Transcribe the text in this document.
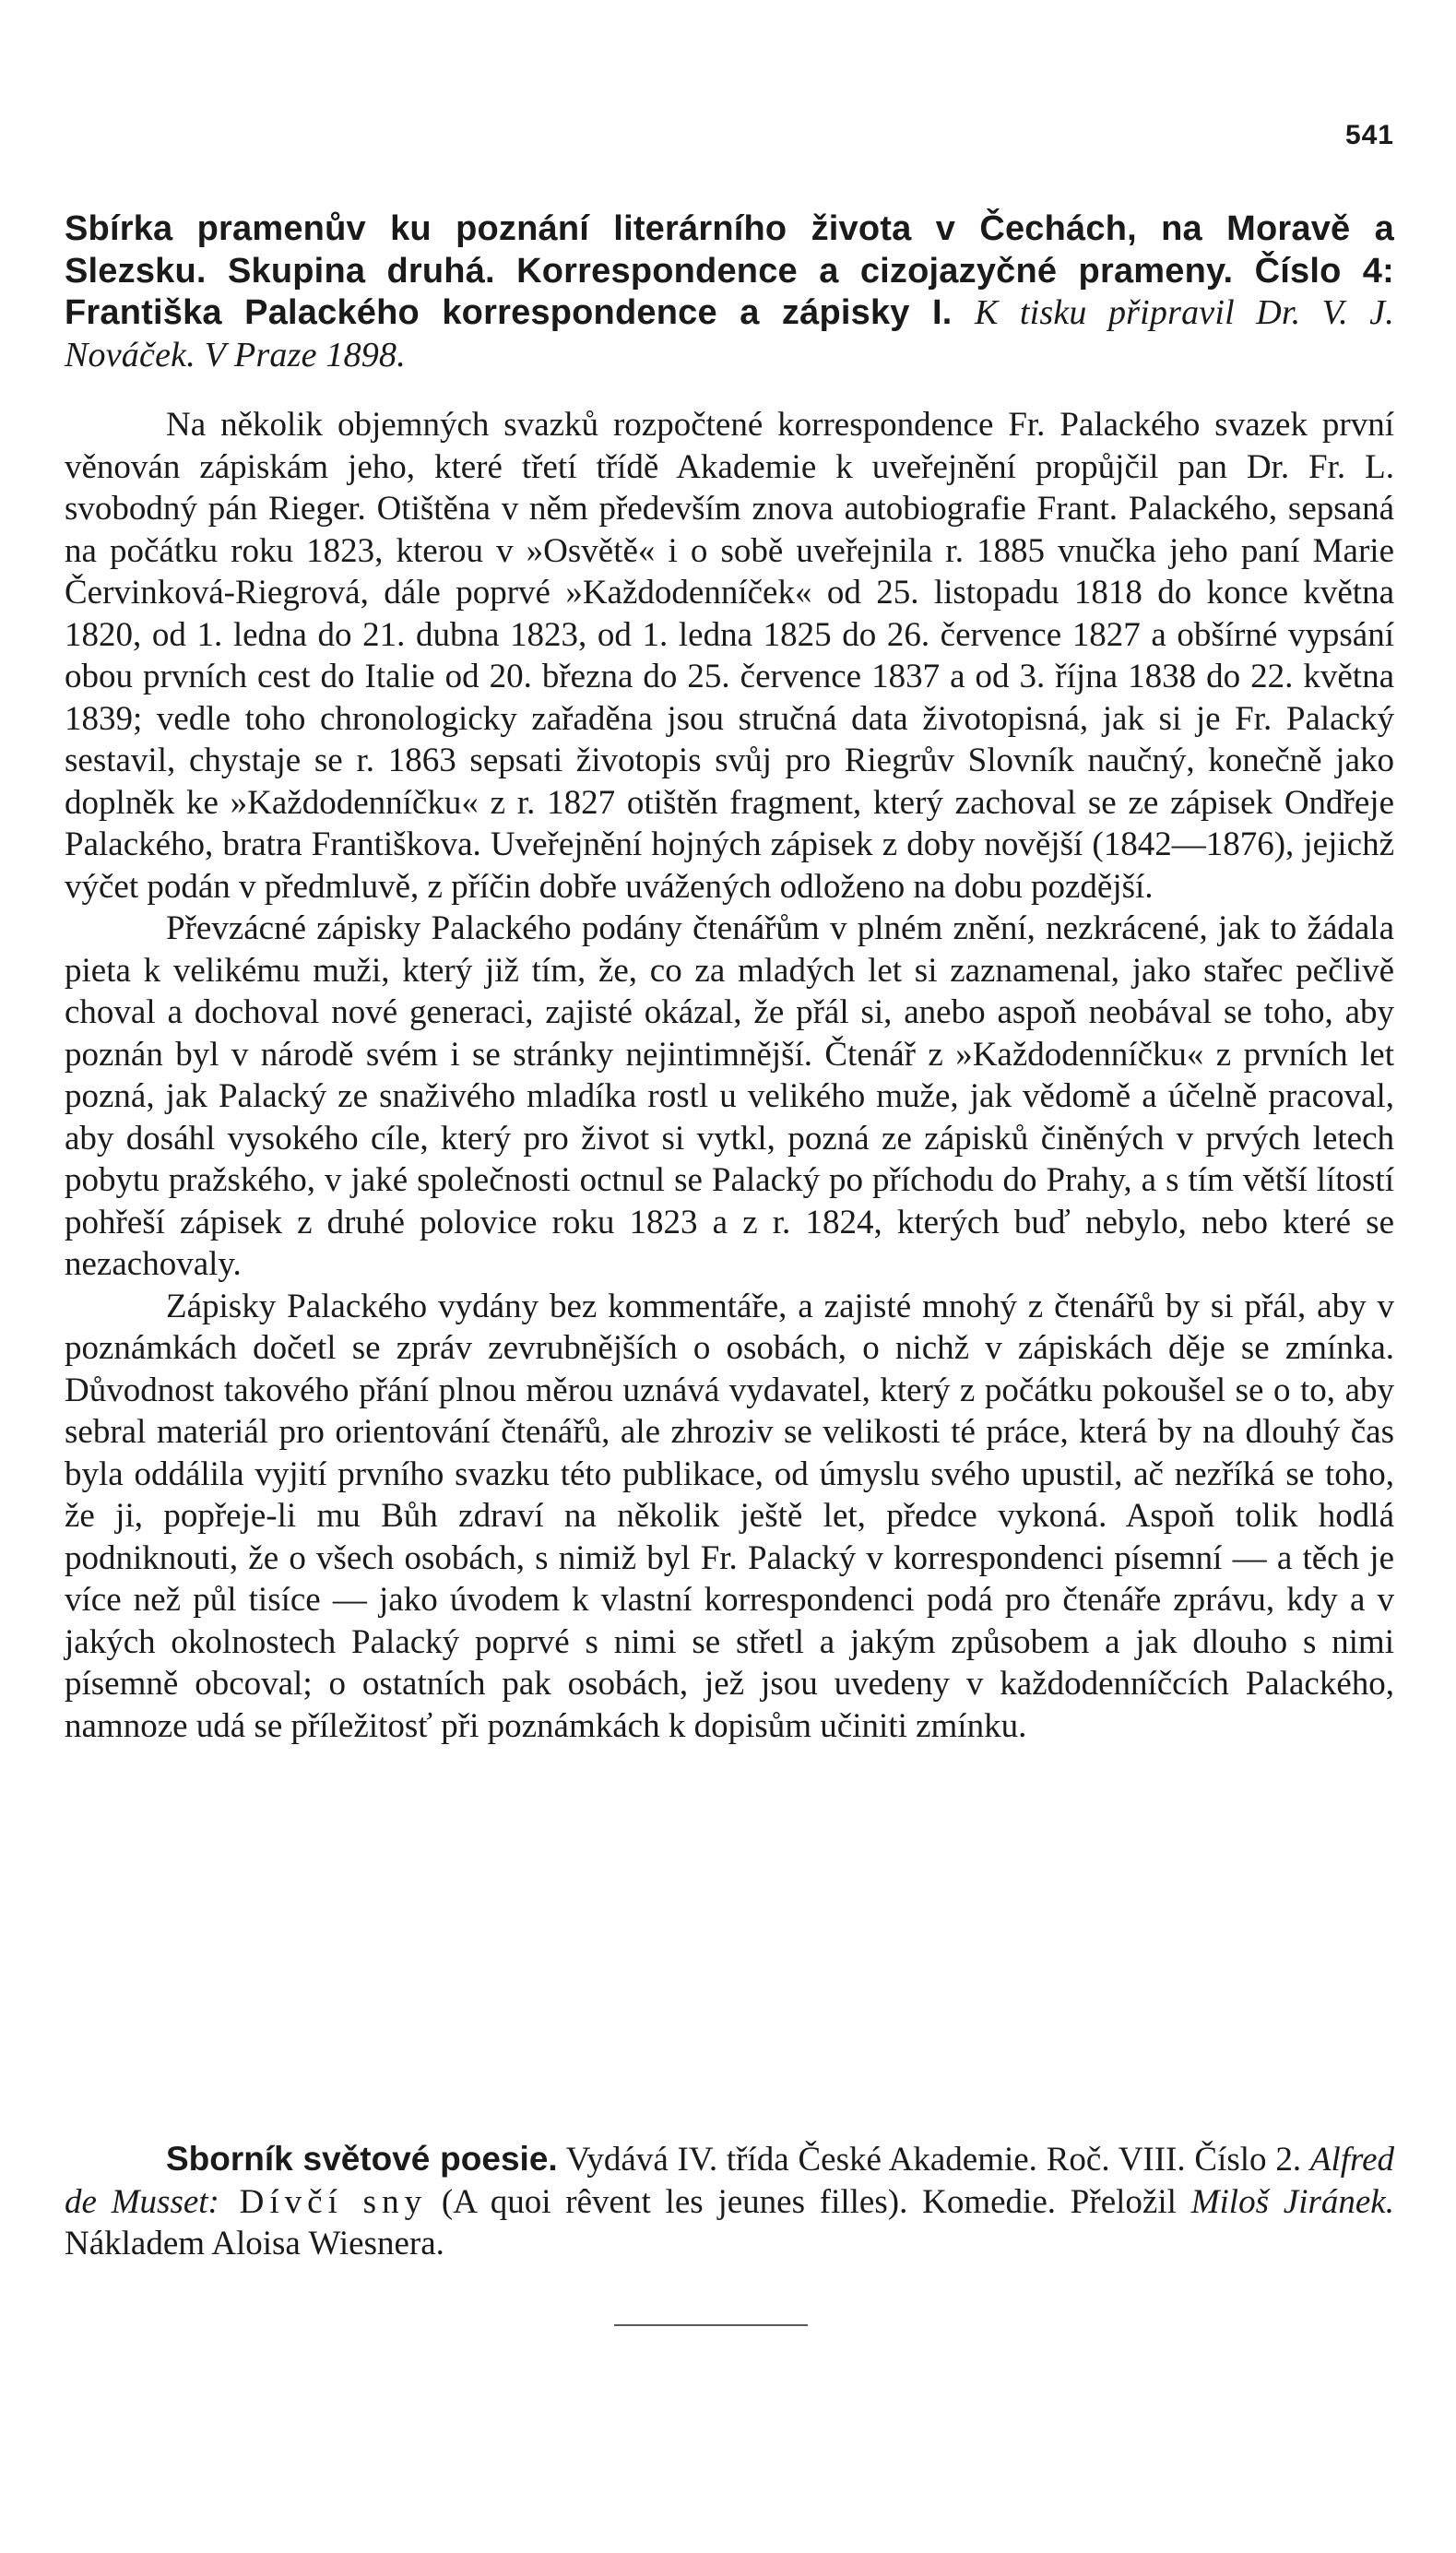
541
Sbírka pramenův ku poznání literárního života v Čechách, na Moravě a Slezsku. Skupina druhá. Korrespondence a cizojazyčné prameny. Číslo 4: Františka Palackého korrespondence a zápisky I. K tisku připravil Dr. V. J. Nováček. V Praze 1898.

Na několik objemných svazků rozpočtené korrespondence Fr. Palackého svazek první věnován zápiskám jeho, které třetí třídě Akademie k uveřejnění propůjčil pan Dr. Fr. L. svobodný pán Rieger. Otištěna v něm především znova autobiografie Frant. Palackého, sepsaná na počátku roku 1823, kterou v »Osvětě« i o sobě uveřejnila r. 1885 vnučka jeho paní Marie Červinková-Riegrová, dále poprvé »Každodenníček« od 25. listopadu 1818 do konce května 1820, od 1. ledna do 21. dubna 1823, od 1. ledna 1825 do 26. července 1827 a obšírné vypsání obou prvních cest do Italie od 20. března do 25. července 1837 a od 3. října 1838 do 22. května 1839; vedle toho chronologicky zařaděna jsou stručná data životopisná, jak si je Fr. Palacký sestavil, chystaje se r. 1863 sepsati životopis svůj pro Riegrův Slovník naučný, konečně jako doplněk ke »Každodenníčku« z r. 1827 otištěn fragment, který zachoval se ze zápisek Ondřeje Palackého, bratra Františkova. Uveřejnění hojných zápisek z doby novější (1842—1876), jejichž výčet podán v předmluvě, z příčin dobře uvážených odloženo na dobu pozdější.

Převzácné zápisky Palackého podány čtenářům v plném znění, nezkrácené, jak to žádala pieta k velikému muži, který již tím, že, co za mladých let si zaznamenal, jako stařec pečlivě choval a dochoval nové generaci, zajisté okázal, že přál si, anebo aspoň neobával se toho, aby poznán byl v národě svém i se stránky nejintimnější. Čtenář z »Každodenníčku« z prvních let pozná, jak Palacký ze snaživého mladíka rostl u velikého muže, jak vědomě a účelně pracoval, aby dosáhl vysokého cíle, který pro život si vytkl, pozná ze zápisků činěných v prvých letech pobytu pražského, v jaké společnosti octnul se Palacký po příchodu do Prahy, a s tím větší lítostí pohřeší zápisek z druhé polovice roku 1823 a z r. 1824, kterých buď nebylo, nebo které se nezachovaly.

Zápisky Palackého vydány bez kommentáře, a zajisté mnohý z čtenářů by si přál, aby v poznámkách dočetl se zpráv zevrubnějších o osobách, o nichž v zápiskách děje se zmínka. Důvodnost takového přání plnou měrou uznává vydavatel, který z počátku pokoušel se o to, aby sebral materiál pro orientování čtenářů, ale zhroziv se velikosti té práce, která by na dlouhý čas byla oddálila vyjití prvního svazku této publikace, od úmyslu svého upustil, ač nezříká se toho, že ji, popřeje-li mu Bůh zdraví na několik ještě let, předce vykoná. Aspoň tolik hodlá podniknouti, že o všech osobách, s nimiž byl Fr. Palacký v korrespondenci písemní — a těch je více než půl tisíce — jako úvodem k vlastní korrespondenci podá pro čtenáře zprávu, kdy a v jakých okolnostech Palacký poprvé s nimi se střetl a jakým způsobem a jak dlouho s nimi písemně obcoval; o ostatních pak osobách, jež jsou uvedeny v každodenníčcích Palackého, namnoze udá se příležitosť při poznámkách k dopisům učiniti zmínku.

Sborník světové poesie. Vydává IV. třída České Akademie. Roč. VIII. Číslo 2. Alfred de Musset: Dívčí sny (A quoi rêvent les jeunes filles). Komedie. Přeložil Miloš Jiránek. Nákladem Aloisa Wiesnera.
